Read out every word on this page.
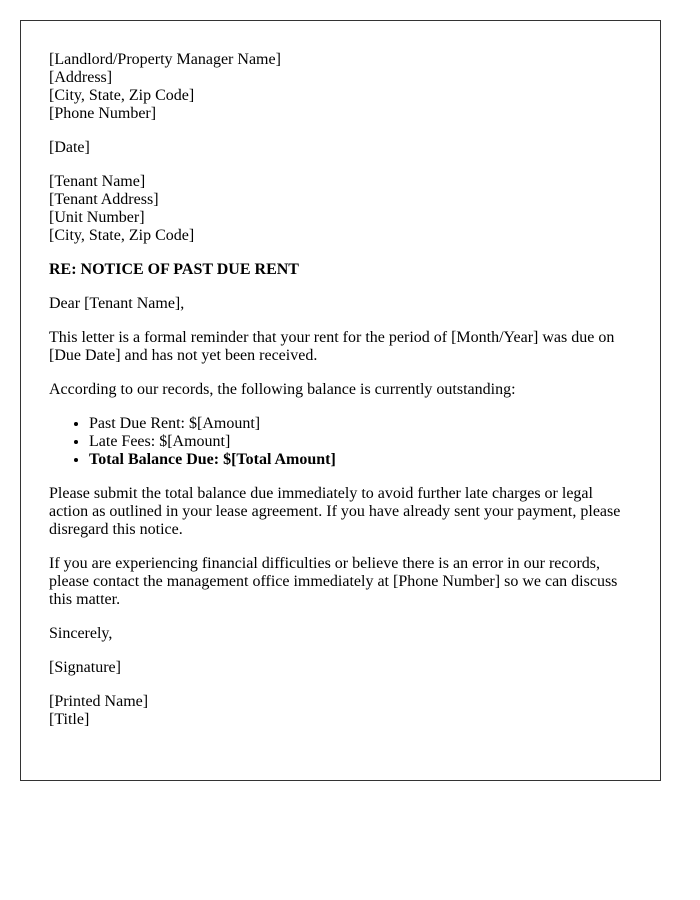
[Landlord/Property Manager Name]
[Address]
[City, State, Zip Code]
[Phone Number]
[Date]
[Tenant Name]
[Tenant Address]
[Unit Number]
[City, State, Zip Code]
RE: NOTICE OF PAST DUE RENT
Dear [Tenant Name],

This letter is a formal reminder that your rent for the period of [Month/Year] was due on [Due Date] and has not yet been received.

According to our records, the following balance is currently outstanding:

• Past Due Rent: $[Amount]
• Late Fees: $[Amount]
• Total Balance Due: $[Total Amount]

Please submit the total balance due immediately to avoid further late charges or legal action as outlined in your lease agreement. If you have already sent your payment, please disregard this notice.

If you are experiencing financial difficulties or believe there is an error in our records, please contact the management office immediately at [Phone Number] so we can discuss this matter.

Sincerely,
[Signature]
[Printed Name]
[Title]
